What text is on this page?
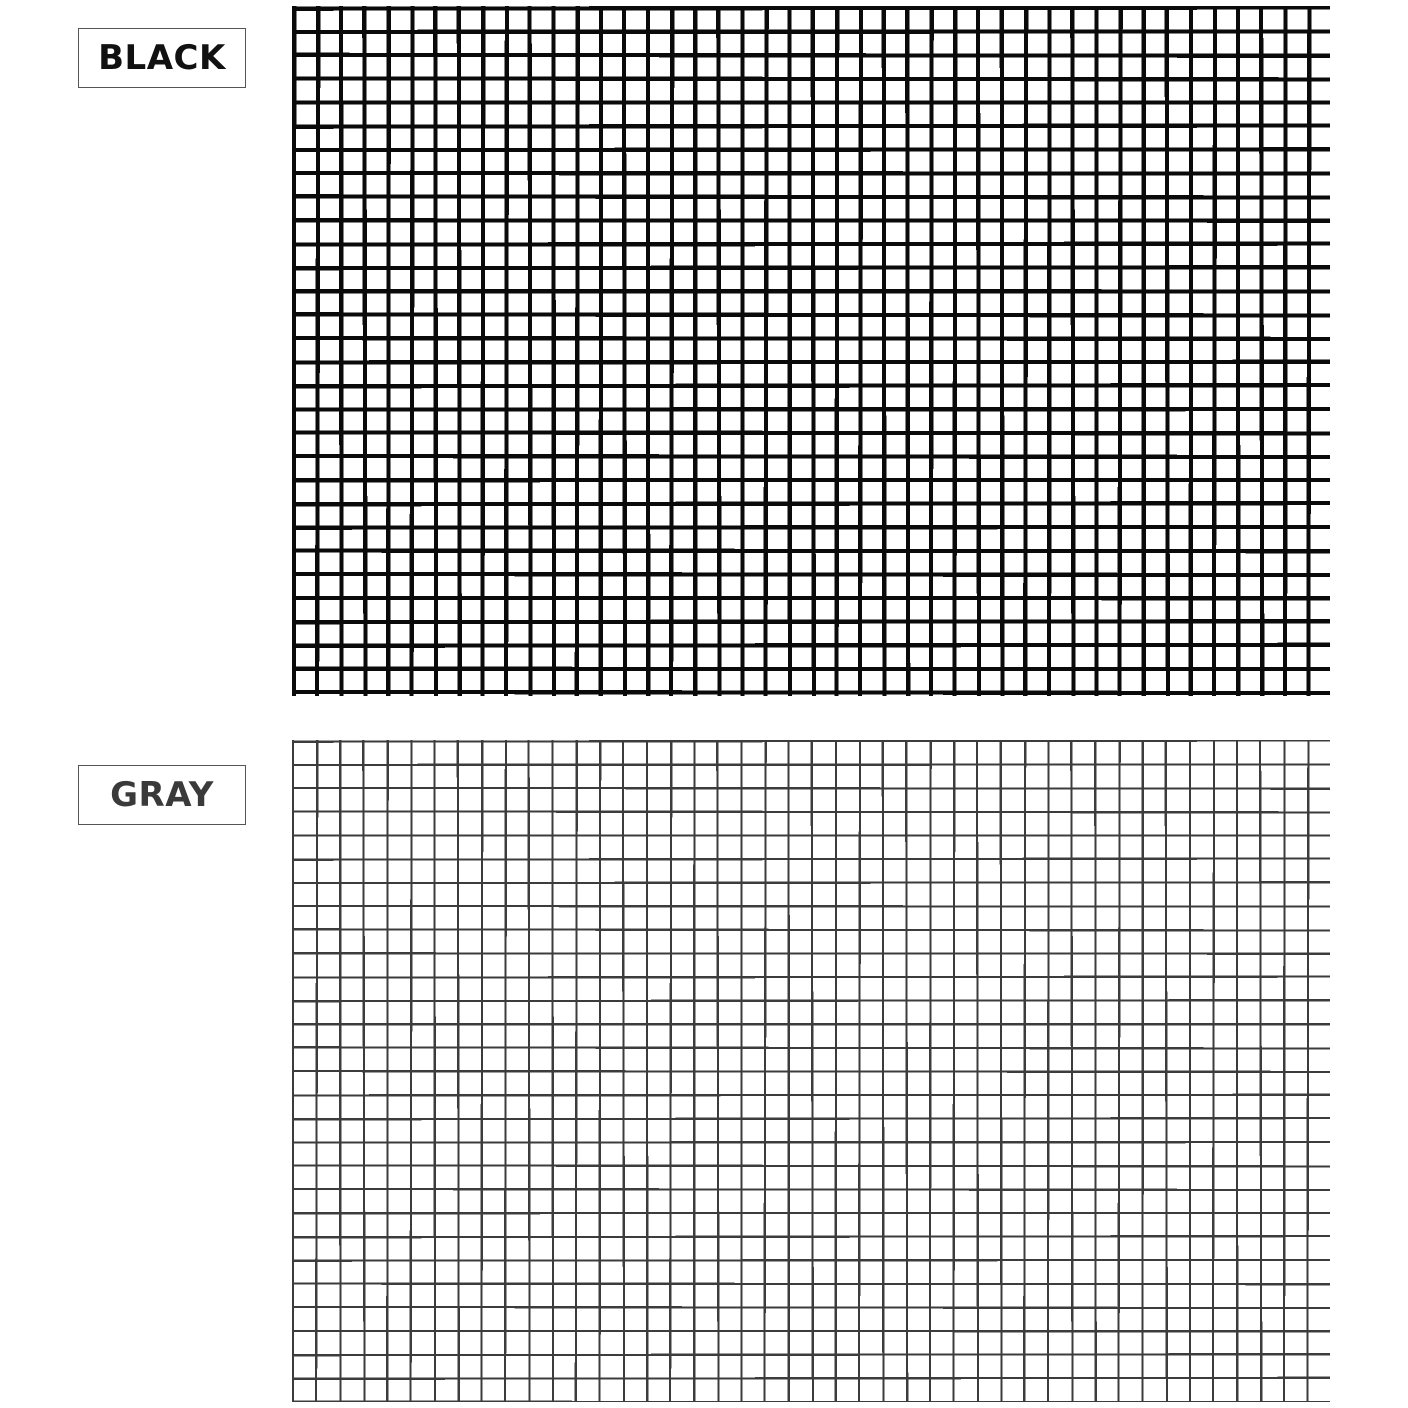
BLACK
GRAY
